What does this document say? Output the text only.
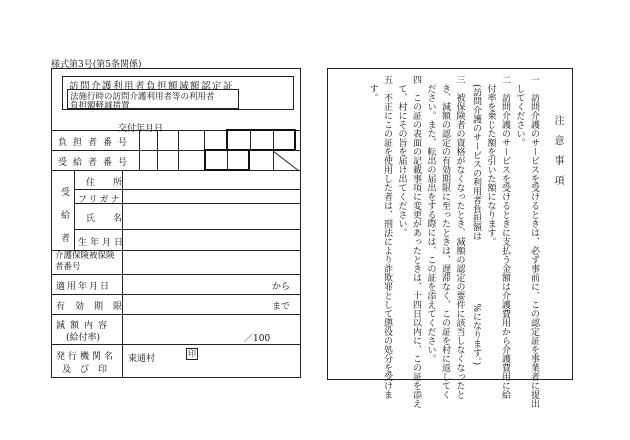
様式第3号(第5条関係)
訪問介護利用者負担額減額認定証
法施行時の訪問介護利用者等の利用者
負担額軽減措置
交付年月日
負担者番号
受給者番号
受給者
住所
フリガナ
氏名
生年月日
介護保険被保険者番号
適用年月日	から
有効期限	まで
減額内容
(給付率)	／100
発行機関名
及び印
東通村
印
注意事項
一　訪問介護のサービスを受けるときは、必ず事前に、この認定証を事業者に提出
　してください。
二　訪問介護のサービスを受けるときに支払う金額は介護費用から介護費用に給
　付率を乗じた額を引いた額になります。
　(訪問介護のサービスの利用者負担額は　　　　　　　%になります。)
三　被保険者の資格がなくなったとき、減額の認定の要件に該当しなくなったと
　き、減額の認定の有効期限に至ったときは、遅滞なく、この証を村に返してく
　ださい。また、転出の届出をする際には、この証を添えてください。
四　この証の表面の記載事項に変更があったときは、十四日以内に、この証を添え
　て、村にその旨を届け出てください。
五　不正にこの証を使用した者は、刑法により詐欺罪として懲役の処分を受けま
　す。
